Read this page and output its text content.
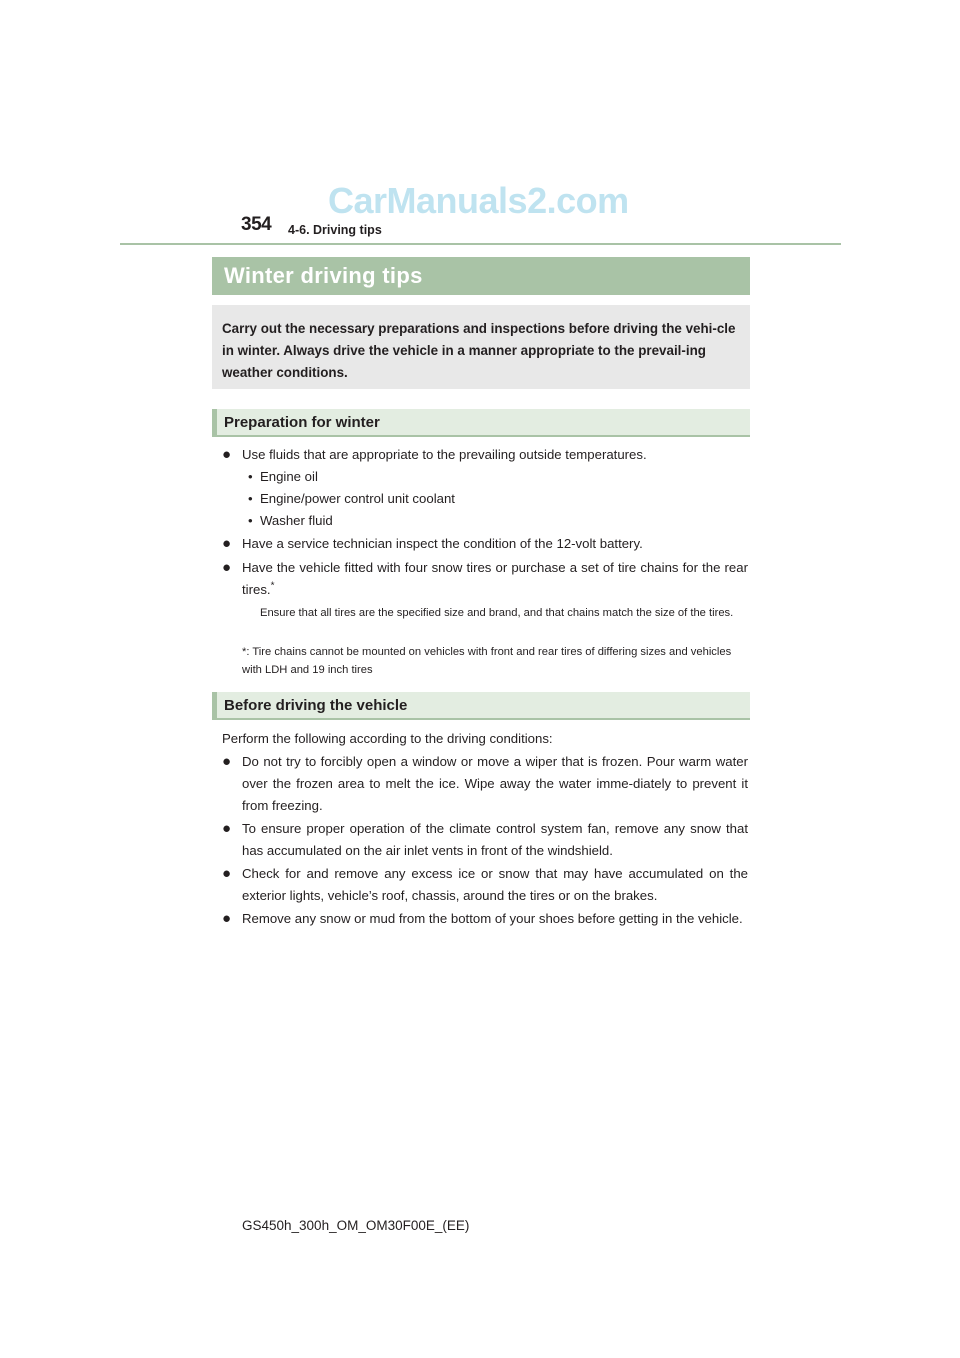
CarManuals2.com
354 4-6. Driving tips
Winter driving tips
Carry out the necessary preparations and inspections before driving the vehi-cle in winter. Always drive the vehicle in a manner appropriate to the prevail-ing weather conditions.
Preparation for winter
● Use fluids that are appropriate to the prevailing outside temperatures.
• Engine oil
• Engine/power control unit coolant
• Washer fluid
● Have a service technician inspect the condition of the 12-volt battery.
● Have the vehicle fitted with four snow tires or purchase a set of tire chains for the rear tires.*
Ensure that all tires are the specified size and brand, and that chains match the size of the tires.
*: Tire chains cannot be mounted on vehicles with front and rear tires of differing sizes and vehicles with LDH and 19 inch tires
Before driving the vehicle
Perform the following according to the driving conditions:
● Do not try to forcibly open a window or move a wiper that is frozen. Pour warm water over the frozen area to melt the ice. Wipe away the water imme-diately to prevent it from freezing.
● To ensure proper operation of the climate control system fan, remove any snow that has accumulated on the air inlet vents in front of the windshield.
● Check for and remove any excess ice or snow that may have accumulated on the exterior lights, vehicle’s roof, chassis, around the tires or on the brakes.
● Remove any snow or mud from the bottom of your shoes before getting in the vehicle.
GS450h_300h_OM_OM30F00E_(EE)
